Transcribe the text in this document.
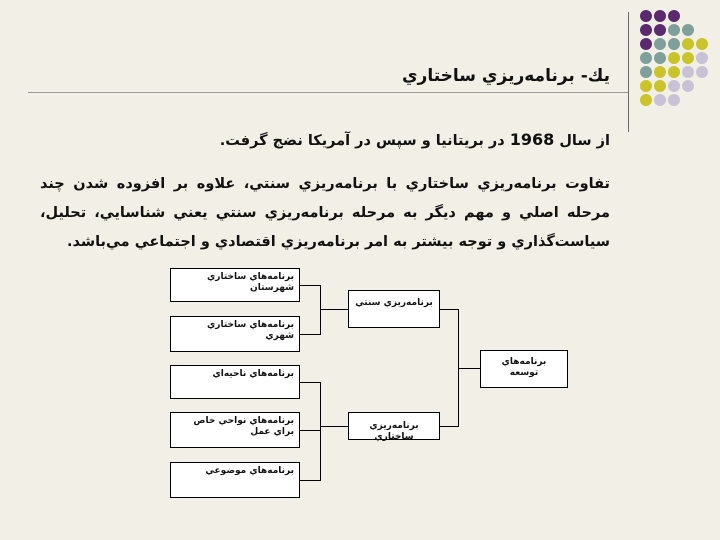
يك- برنامه‌ريزي ساختاري
از سال 1968 در بريتانيا و سپس در آمريكا نضج گرفت.
تفاوت برنامه‌ريزي ساختاري با برنامه‌ريزي سنتي، علاوه بر افزوده شدن چند مرحله اصلي و مهم ديگر به مرحله برنامه‌ريزي سنتي يعني شناسايي، تحليل، سياست‌گذاري و توجه بيشتر به امر برنامه‌ريزي اقتصادي و اجتماعي مي‌باشد.
برنامه‌هاي ساختاري شهرستان
برنامه‌هاي ساختاري شهري
برنامه‌هاي ناحيه‌اي
برنامه‌هاي نواحي خاص براي عمل
برنامه‌هاي موضوعي
برنامه‌ريزي سنتي
برنامه‌ريزي ساختاري
برنامه‌هاي توسعه
